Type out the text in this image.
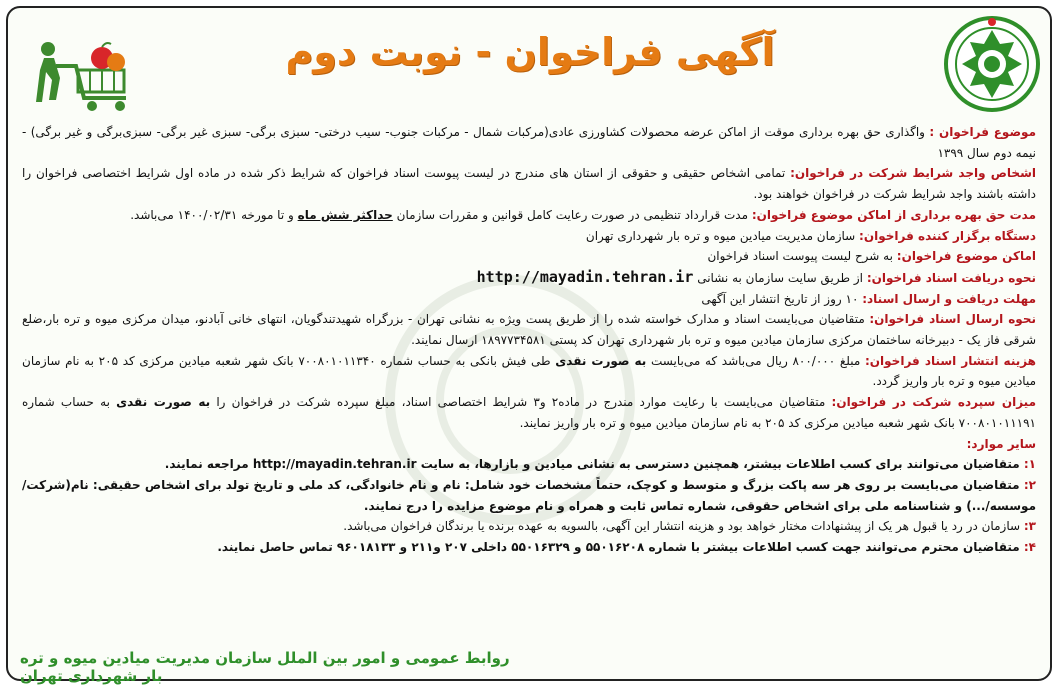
آگهی فراخوان - نوبت دوم

موضوع فراخوان : واگذاری حق بهره برداری موقت از اماکن عرضه محصولات کشاورزی عادی(مرکبات شمال - مرکبات جنوب- سیب درختی- سبزی برگی- سبزی غیر برگی- سبزی‌برگی و غیر برگی) - نیمه دوم سال ۱۳۹۹

اشخاص واجد شرایط شرکت در فراخوان: تمامی اشخاص حقیقی و حقوقی از استان های مندرج در لیست پیوست اسناد فراخوان که شرایط ذکر شده در ماده اول شرایط اختصاصی فراخوان را داشته باشند واجد شرایط شرکت در فراخوان خواهند بود.

مدت حق بهره برداری از اماکن موضوع فراخوان: مدت قرارداد تنظیمی در صورت رعایت کامل قوانین و مقررات سازمان حداکثر شش ماه و تا مورخه ۱۴۰۰/۰۲/۳۱ می‌باشد.

دستگاه برگزار کننده فراخوان: سازمان مدیریت میادین میوه و تره بار شهرداری تهران

اماکن موضوع فراخوان: به شرح لیست پیوست اسناد فراخوان

نحوه دریافت اسناد فراخوان: از طریق سایت سازمان به نشانی http://mayadin.tehran.ir

مهلت دریافت و ارسال اسناد: ۱۰ روز از تاریخ انتشار این آگهی

نحوه ارسال اسناد فراخوان: متقاضیان می‌بایست اسناد و مدارک خواسته شده را از طریق پست ویژه به نشانی تهران - بزرگراه شهیدتندگویان، انتهای خانی آبادنو، میدان مرکزی میوه و تره بار،ضلع شرقی فاز یک - دبیرخانه ساختمان مرکزی سازمان میادین میوه و تره بار شهرداری تهران کد پستی ۱۸۹۷۷۳۴۵۸۱ ارسال نمایند.

هزینه انتشار اسناد فراخوان: مبلغ ۸۰۰/۰۰۰ ریال می‌باشد که می‌بایست به صورت نقدی طی فیش بانکی به حساب شماره ۷۰۰۸۰۱۰۱۱۳۴۰ بانک شهر شعبه میادین مرکزی کد ۲۰۵ به نام سازمان میادین میوه و تره بار واریز گردد.

میزان سپرده شرکت در فراخوان: متقاضیان می‌بایست با رعایت موارد مندرج در ماده۲ و۳ شرایط اختصاصی اسناد، مبلغ سپرده شرکت در فراخوان را به صورت نقدی به حساب شماره ۷۰۰۸۰۱۰۱۱۱۹۱ بانک شهر شعبه میادین مرکزی کد ۲۰۵ به نام سازمان میادین میوه و تره بار واریز نمایند.

سایر موارد:

۱: متقاضیان می‌توانند برای کسب اطلاعات بیشتر، همچنین دسترسی به نشانی میادین و بازارها، به سایت http://mayadin.tehran.ir مراجعه نمایند.

۲: متقاضیان می‌بایست بر روی هر سه پاکت بزرگ و متوسط و کوچک، حتماً مشخصات خود شامل: نام و نام خانوادگی، کد ملی و تاریخ تولد برای اشخاص حقیقی: نام(شرکت/موسسه/...) و شناسنامه ملی برای اشخاص حقوقی، شماره تماس ثابت و همراه و نام موضوع مزایده را درج نمایند.

۳: سازمان در رد یا قبول هر یک از پیشنهادات مختار خواهد بود و هزینه انتشار این آگهی، بالسویه به عهده برنده یا برندگان فراخوان می‌باشد.

۴: متقاضیان محترم می‌توانند جهت کسب اطلاعات بیشتر با شماره ۵۵۰۱۶۲۰۸ و ۵۵۰۱۶۳۲۹ داخلی ۲۰۷ و۲۱۱ و ۹۶۰۱۸۱۳۳ تماس حاصل نمایند.

روابط عمومی و امور بین الملل سازمان مدیریت میادین میوه و تره بار شهرداری تهران
